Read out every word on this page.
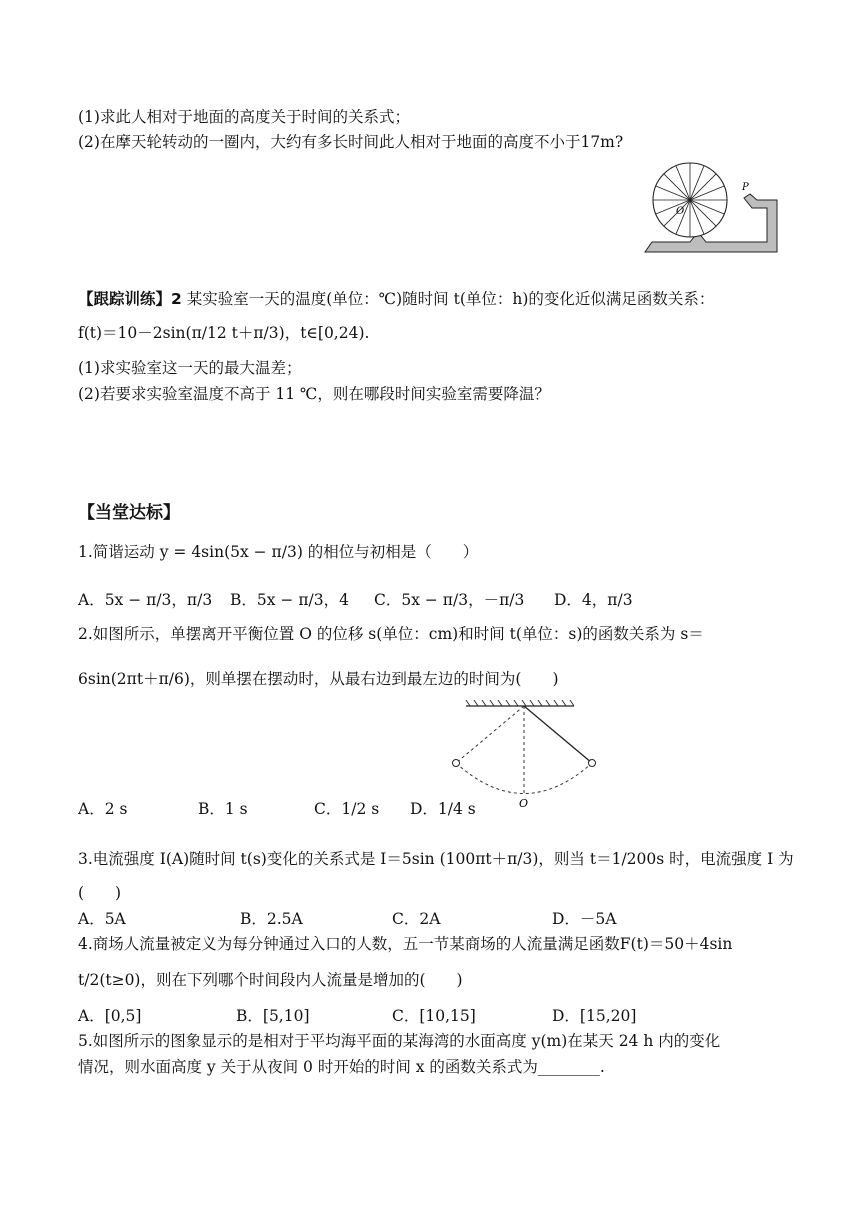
(1)求此人相对于地面的高度关于时间的关系式；
(2)在摩天轮转动的一圈内，大约有多长时间此人相对于地面的高度不小于17m?
O
P
【跟踪训练】2 某实验室一天的温度(单位：℃)随时间 t(单位：h)的变化近似满足函数关系：
f(t)＝10－2sin(π/12 t＋π/3)，t∈[0,24).
(1)求实验室这一天的最大温差；
(2)若要求实验室温度不高于 11 ℃，则在哪段时间实验室需要降温？
【当堂达标】
1.简谐运动 y = 4sin(5x − π/3) 的相位与初相是（　　）
A．5x − π/3，π/3 B．5x − π/3，4 C．5x − π/3，－π/3 D．4，π/3
2.如图所示，单摆离开平衡位置 O 的位移 s(单位：cm)和时间 t(单位：s)的函数关系为 s＝
6sin(2πt＋π/6)，则单摆在摆动时，从最右边到最左边的时间为(　　)
O
A．2 s	B．1 s	C．1/2 s D．1/4 s
3.电流强度 I(A)随时间 t(s)变化的关系式是 I＝5sin (100πt＋π/3)，则当 t＝1/200s 时，电流强度 I 为
(　　)
A．5A	B．2.5A	C．2A	D．－5A
4.商场人流量被定义为每分钟通过入口的人数，五一节某商场的人流量满足函数F(t)＝50＋4sin
t/2(t≥0)，则在下列哪个时间段内人流量是增加的(　　)
A．[0,5]	B．[5,10]	C．[10,15]	D．[15,20]
5.如图所示的图象显示的是相对于平均海平面的某海湾的水面高度 y(m)在某天 24 h 内的变化
情况，则水面高度 y 关于从夜间 0 时开始的时间 x 的函数关系式为________.
